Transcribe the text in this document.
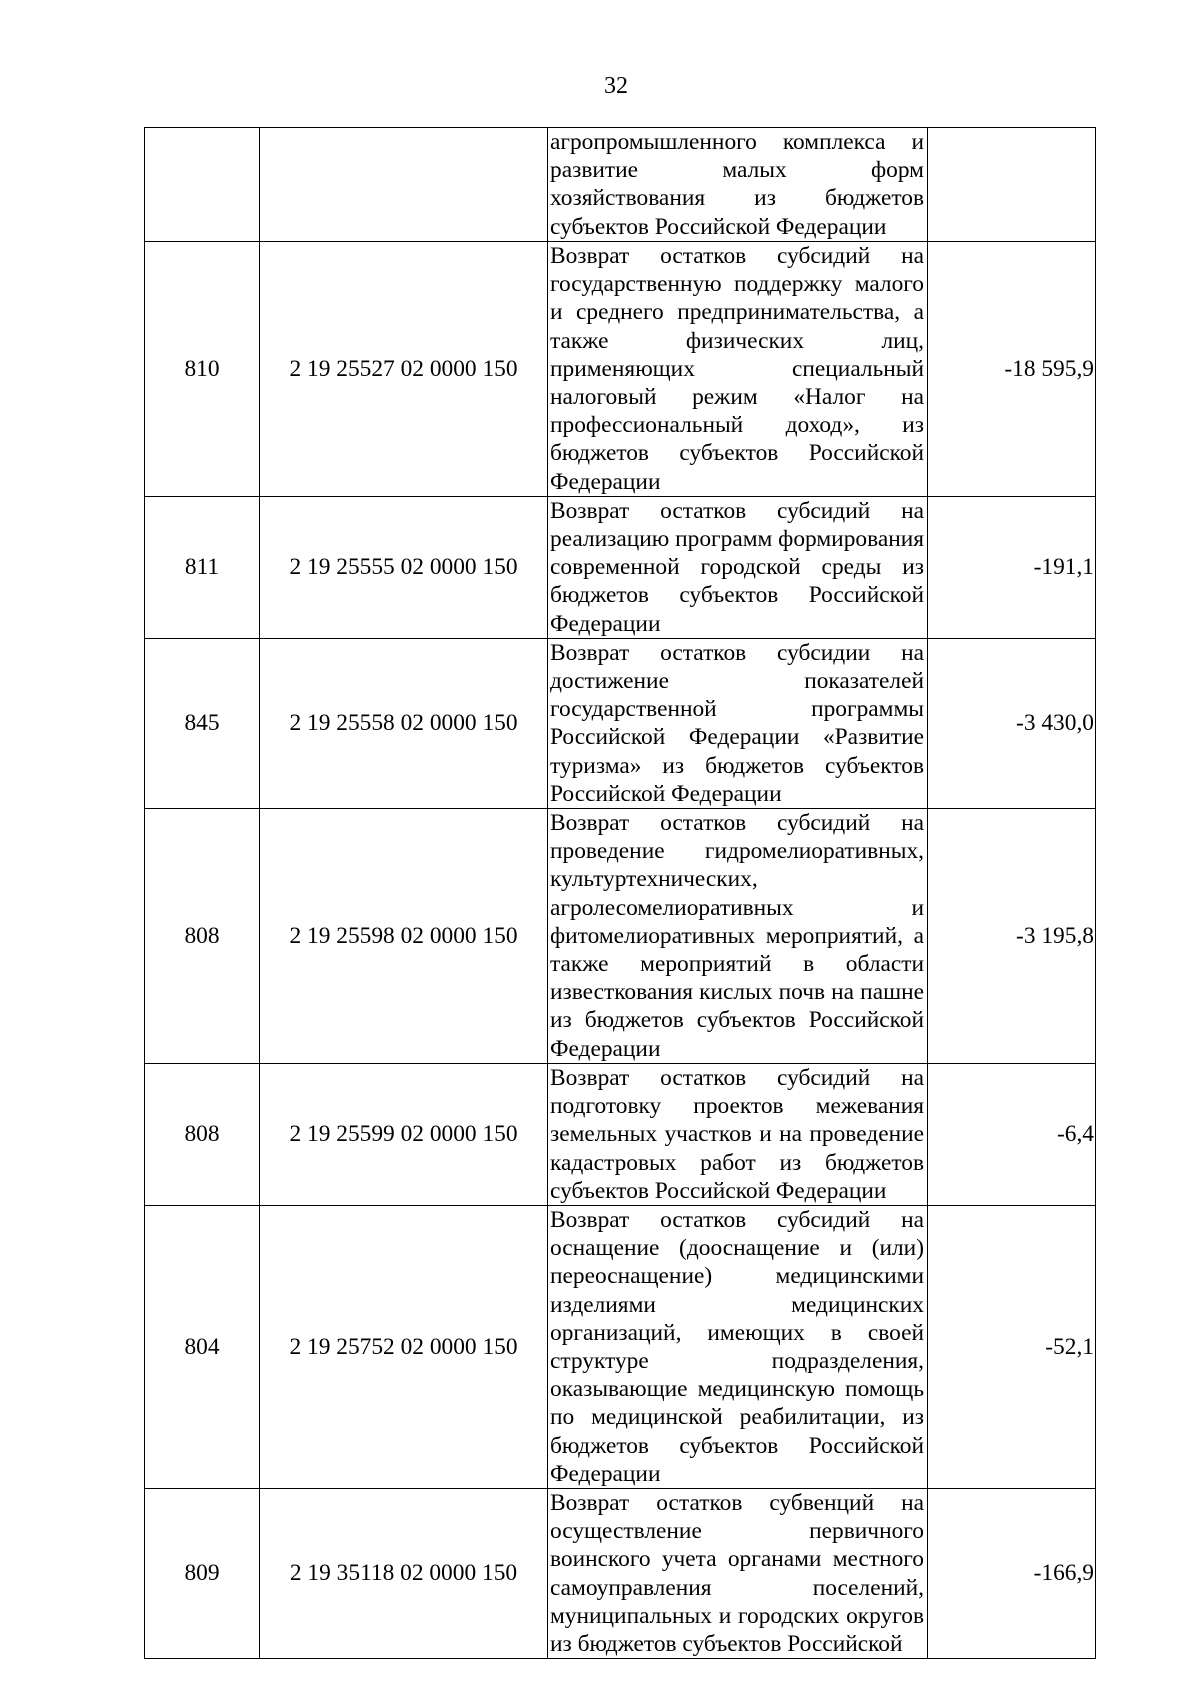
32
		агропромышленного комплекса и развитие малых форм хозяйствования из бюджетов субъектов Российской Федерации	
810	2 19 25527 02 0000 150	Возврат остатков субсидий на государственную поддержку малого и среднего предпринимательства, а также физических лиц, применяющих специальный налоговый режим «Налог на профессиональный доход», из бюджетов субъектов Российской Федерации	-18 595,9
811	2 19 25555 02 0000 150	Возврат остатков субсидий на реализацию программ формирования современной городской среды из бюджетов субъектов Российской Федерации	-191,1
845	2 19 25558 02 0000 150	Возврат остатков субсидии на достижение показателей государственной программы Российской Федерации «Развитие туризма» из бюджетов субъектов Российской Федерации	-3 430,0
808	2 19 25598 02 0000 150	Возврат остатков субсидий на проведение гидромелиоративных, культуртехнических, агролесомелиоративных и фитомелиоративных мероприятий, а также мероприятий в области известкования кислых почв на пашне из бюджетов субъектов Российской Федерации	-3 195,8
808	2 19 25599 02 0000 150	Возврат остатков субсидий на подготовку проектов межевания земельных участков и на проведение кадастровых работ из бюджетов субъектов Российской Федерации	-6,4
804	2 19 25752 02 0000 150	Возврат остатков субсидий на оснащение (дооснащение и (или) переоснащение) медицинскими изделиями медицинских организаций, имеющих в своей структуре подразделения, оказывающие медицинскую помощь по медицинской реабилитации, из бюджетов субъектов Российской Федерации	-52,1
809	2 19 35118 02 0000 150	Возврат остатков субвенций на осуществление первичного воинского учета органами местного самоуправления поселений, муниципальных и городских округов из бюджетов субъектов Российской	-166,9
